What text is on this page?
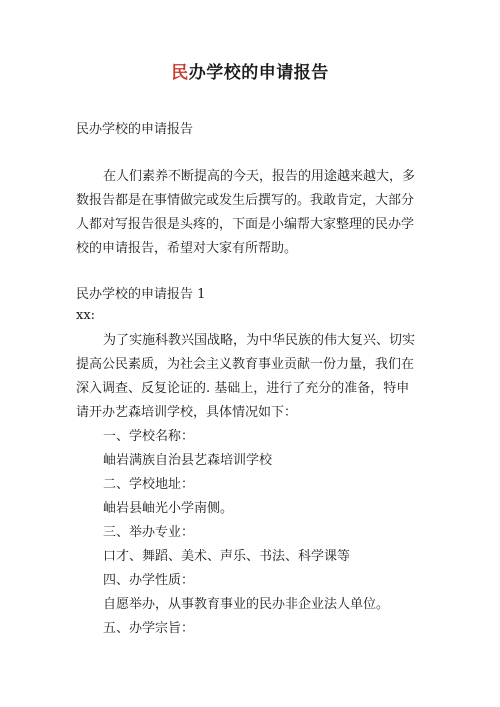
民办学校的申请报告
民办学校的申请报告
在人们素养不断提高的今天，报告的用途越来越大，多
数报告都是在事情做完或发生后撰写的。我敢肯定，大部分
人都对写报告很是头疼的，下面是小编帮大家整理的民办学
校的申请报告，希望对大家有所帮助。
民办学校的申请报告 1
xx:
为了实施科教兴国战略，为中华民族的伟大复兴、切实
提高公民素质，为社会主义教育事业贡献一份力量，我们在
深入调查、反复论证的. 基础上，进行了充分的准备，特申
请开办艺森培训学校，具体情况如下：
一、学校名称：
岫岩满族自治县艺森培训学校
二、学校地址：
岫岩县岫光小学南侧。
三、举办专业：
口才、舞蹈、美术、声乐、书法、科学课等
四、办学性质：
自愿举办，从事教育事业的民办非企业法人单位。
五、办学宗旨：
